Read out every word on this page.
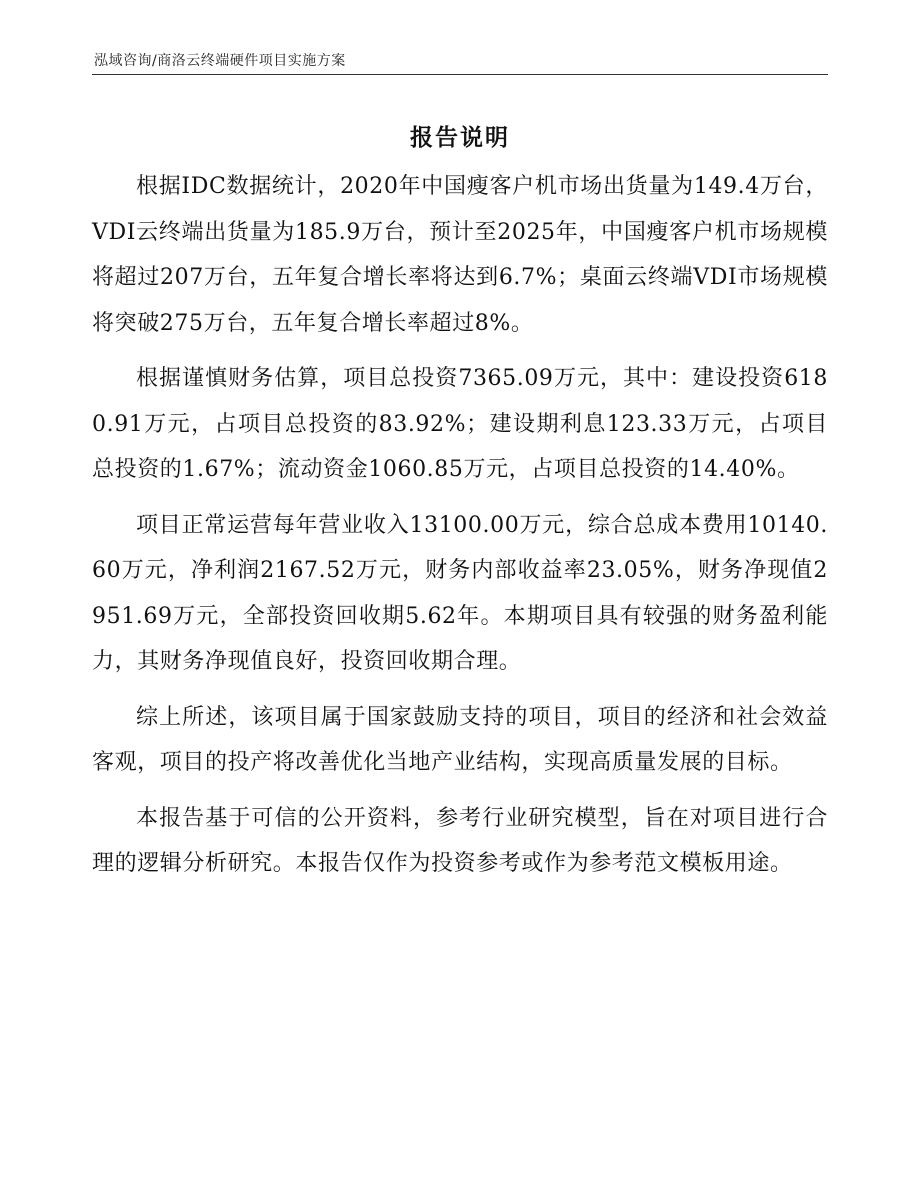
泓域咨询/商洛云终端硬件项目实施方案
报告说明

根据IDC数据统计，2020年中国瘦客户机市场出货量为149.4万台，VDI云终端出货量为185.9万台，预计至2025年，中国瘦客户机市场规模将超过207万台，五年复合增长率将达到6.7%；桌面云终端VDI市场规模将突破275万台，五年复合增长率超过8%。

根据谨慎财务估算，项目总投资7365.09万元，其中：建设投资6180.91万元，占项目总投资的83.92%；建设期利息123.33万元，占项目总投资的1.67%；流动资金1060.85万元，占项目总投资的14.40%。

项目正常运营每年营业收入13100.00万元，综合总成本费用10140.60万元，净利润2167.52万元，财务内部收益率23.05%，财务净现值2951.69万元，全部投资回收期5.62年。本期项目具有较强的财务盈利能力，其财务净现值良好，投资回收期合理。

综上所述，该项目属于国家鼓励支持的项目，项目的经济和社会效益客观，项目的投产将改善优化当地产业结构，实现高质量发展的目标。

本报告基于可信的公开资料，参考行业研究模型，旨在对项目进行合理的逻辑分析研究。本报告仅作为投资参考或作为参考范文模板用途。
